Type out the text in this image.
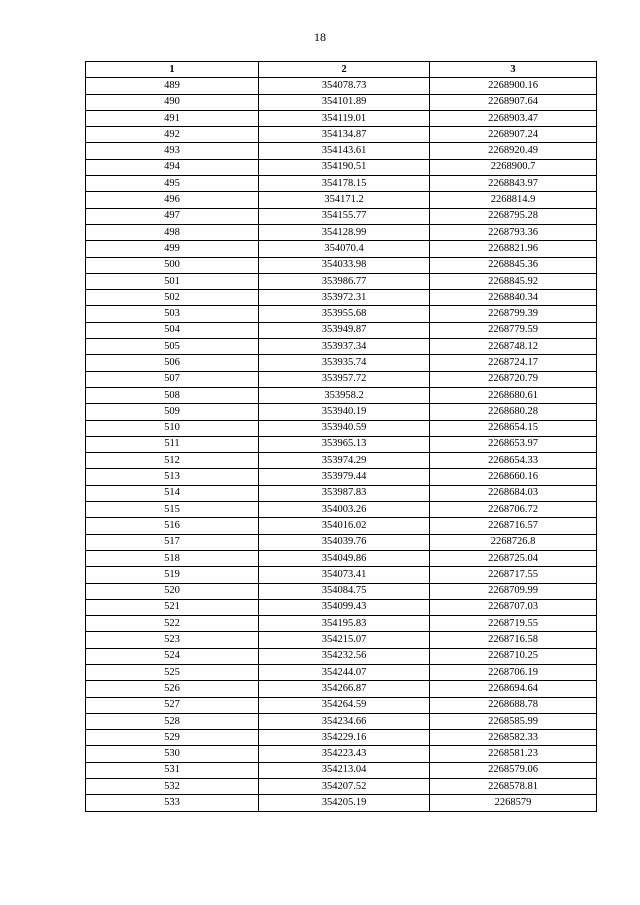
18
1	2	3
489	354078.73	2268900.16
490	354101.89	2268907.64
491	354119.01	2268903.47
492	354134.87	2268907.24
493	354143.61	2268920.49
494	354190.51	2268900.7
495	354178.15	2268843.97
496	354171.2	2268814.9
497	354155.77	2268795.28
498	354128.99	2268793.36
499	354070.4	2268821.96
500	354033.98	2268845.36
501	353986.77	2268845.92
502	353972.31	2268840.34
503	353955.68	2268799.39
504	353949.87	2268779.59
505	353937.34	2268748.12
506	353935.74	2268724.17
507	353957.72	2268720.79
508	353958.2	2268680.61
509	353940.19	2268680.28
510	353940.59	2268654.15
511	353965.13	2268653.97
512	353974.29	2268654.33
513	353979.44	2268660.16
514	353987.83	2268684.03
515	354003.26	2268706.72
516	354016.02	2268716.57
517	354039.76	2268726.8
518	354049.86	2268725.04
519	354073.41	2268717.55
520	354084.75	2268709.99
521	354099.43	2268707.03
522	354195.83	2268719.55
523	354215.07	2268716.58
524	354232.56	2268710.25
525	354244.07	2268706.19
526	354266.87	2268694.64
527	354264.59	2268688.78
528	354234.66	2268585.99
529	354229.16	2268582.33
530	354223.43	2268581.23
531	354213.04	2268579.06
532	354207.52	2268578.81
533	354205.19	2268579
